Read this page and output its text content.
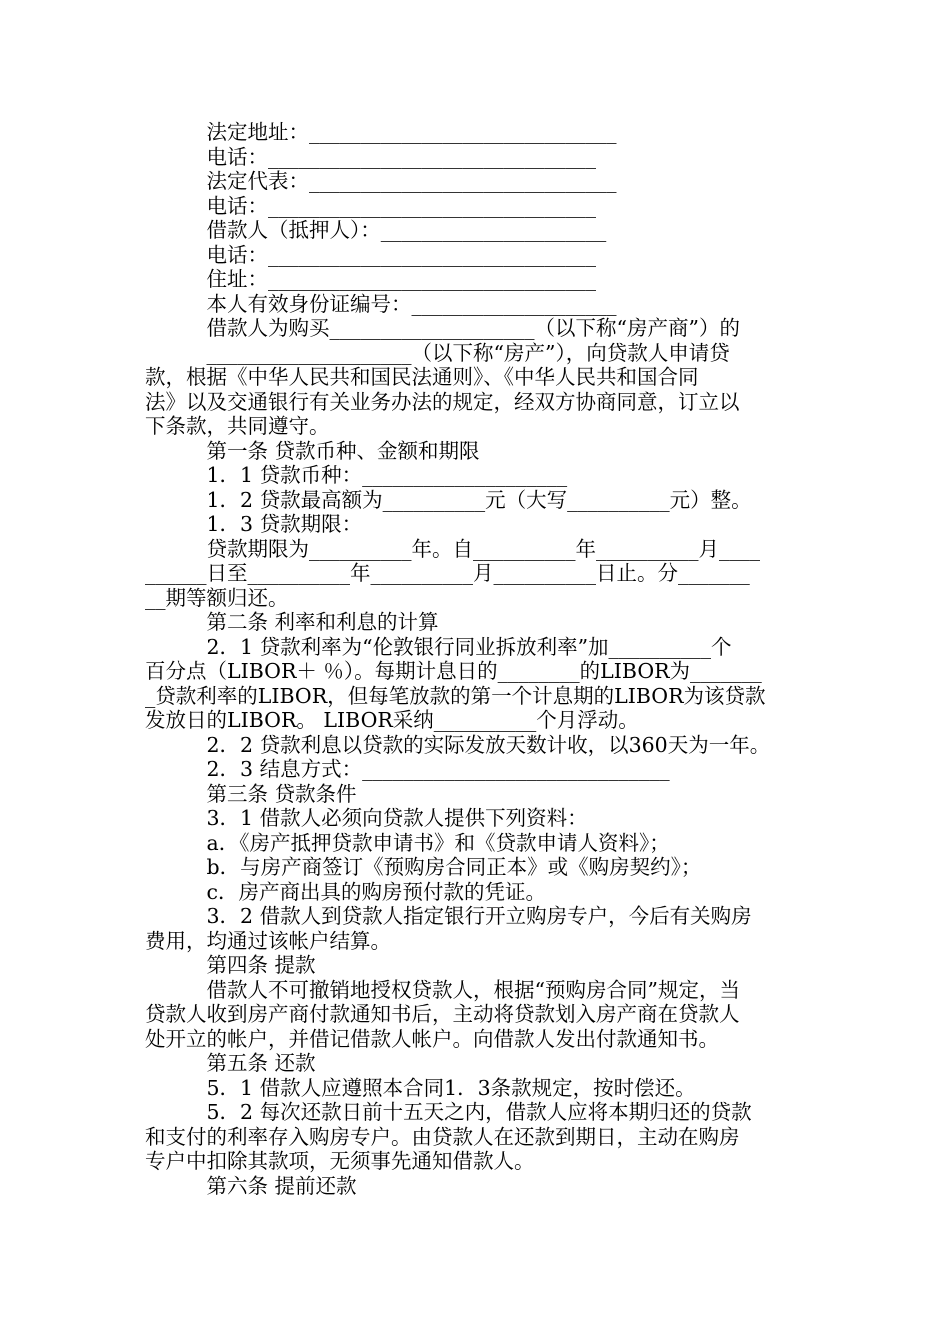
　　　法定地址：______________________________
　　　电话：________________________________
　　　法定代表：______________________________
　　　电话：________________________________
　　　借款人（抵押人）：______________________
　　　电话：________________________________
　　　住址：________________________________
　　　本人有效身份证编号：____________________
　　　借款人为购买____________________（以下称“房产商”）的
　　　____________________（以下称“房产”），向贷款人申请贷
款，根据《中华人民共和国民法通则》、《中华人民共和国合同
法》以及交通银行有关业务办法的规定，经双方协商同意，订立以
下条款，共同遵守。
　　　第一条 贷款币种、金额和期限
　　　1．1 贷款币种：____________________
　　　1．2 贷款最高额为__________元（大写__________元）整。
　　　1．3 贷款期限：
　　　贷款期限为__________年。自__________年__________月____
______日至__________年__________月__________日止。分_______
__期等额归还。
　　　第二条 利率和利息的计算
　　　2．1 贷款利率为“伦敦银行同业拆放利率”加__________个
百分点（LIBOR＋ ％）。每期计息日的________的LIBOR为_______
_贷款利率的LIBOR，但每笔放款的第一个计息期的LIBOR为该贷款
发放日的LIBOR。 LIBOR采纳__________个月浮动。
　　　2．2 贷款利息以贷款的实际发放天数计收，以360天为一年。
　　　2．3 结息方式：______________________________
　　　第三条 贷款条件
　　　3．1 借款人必须向贷款人提供下列资料：
　　　a．《房产抵押贷款申请书》和《贷款申请人资料》；
　　　b．与房产商签订《预购房合同正本》或《购房契约》；
　　　c．房产商出具的购房预付款的凭证。
　　　3．2 借款人到贷款人指定银行开立购房专户，今后有关购房
费用，均通过该帐户结算。
　　　第四条 提款
　　　借款人不可撤销地授权贷款人，根据“预购房合同”规定，当
贷款人收到房产商付款通知书后，主动将贷款划入房产商在贷款人
处开立的帐户，并借记借款人帐户。向借款人发出付款通知书。
　　　第五条 还款
　　　5．1 借款人应遵照本合同1．3条款规定，按时偿还。
　　　5．2 每次还款日前十五天之内，借款人应将本期归还的贷款
和支付的利率存入购房专户。由贷款人在还款到期日，主动在购房
专户中扣除其款项，无须事先通知借款人。
　　　第六条 提前还款
